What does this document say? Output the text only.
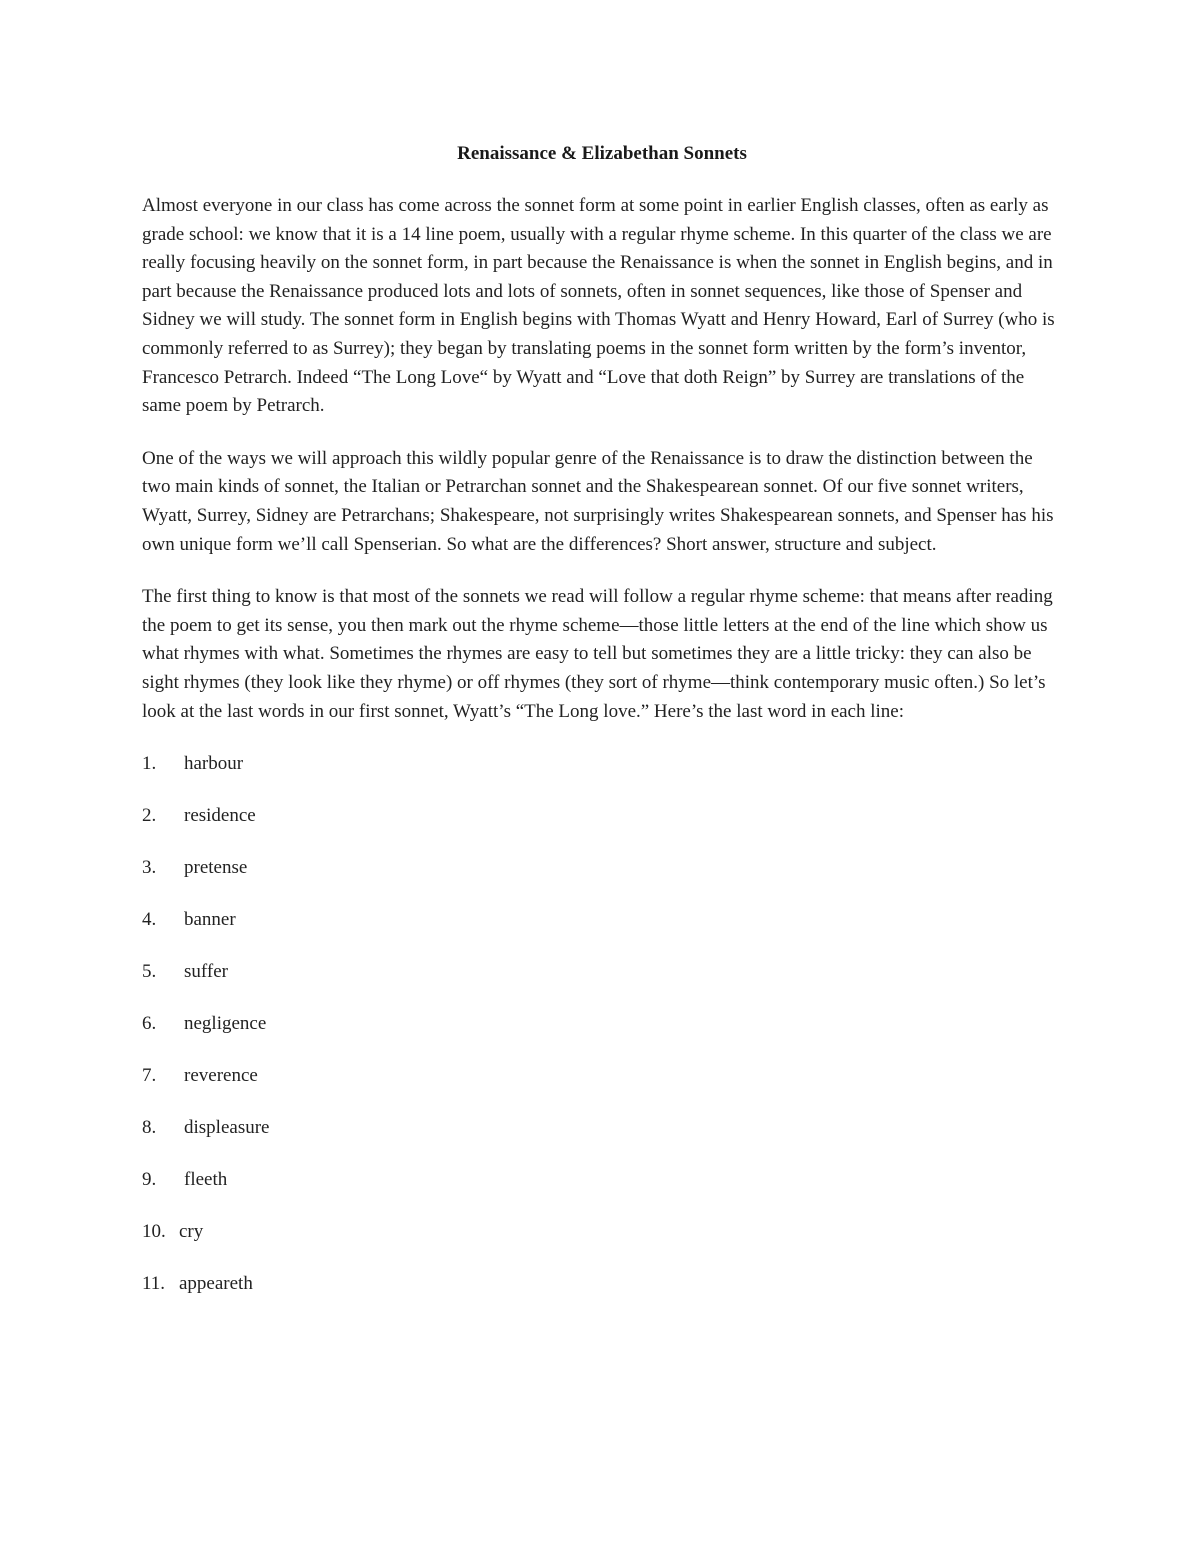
Renaissance & Elizabethan Sonnets

Almost everyone in our class has come across the sonnet form at some point in earlier English classes, often as early as grade school: we know that it is a 14 line poem, usually with a regular rhyme scheme. In this quarter of the class we are really focusing heavily on the sonnet form, in part because the Renaissance is when the sonnet in English begins, and in part because the Renaissance produced lots and lots of sonnets, often in sonnet sequences, like those of Spenser and Sidney we will study. The sonnet form in English begins with Thomas Wyatt and Henry Howard, Earl of Surrey (who is commonly referred to as Surrey); they began by translating poems in the sonnet form written by the form’s inventor, Francesco Petrarch. Indeed “The Long Love“ by Wyatt and “Love that doth Reign” by Surrey are translations of the same poem by Petrarch.

One of the ways we will approach this wildly popular genre of the Renaissance is to draw the distinction between the two main kinds of sonnet, the Italian or Petrarchan sonnet and the Shakespearean sonnet. Of our five sonnet writers, Wyatt, Surrey, Sidney are Petrarchans; Shakespeare, not surprisingly writes Shakespearean sonnets, and Spenser has his own unique form we’ll call Spenserian. So what are the differences? Short answer, structure and subject.

The first thing to know is that most of the sonnets we read will follow a regular rhyme scheme: that means after reading the poem to get its sense, you then mark out the rhyme scheme—those little letters at the end of the line which show us what rhymes with what. Sometimes the rhymes are easy to tell but sometimes they are a little tricky: they can also be sight rhymes (they look like they rhyme) or off rhymes (they sort of rhyme—think contemporary music often.) So let’s look at the last words in our first sonnet, Wyatt’s “The Long love.” Here’s the last word in each line:

1.	harbour
2.	residence
3.	pretense
4.	banner
5.	suffer
6.	negligence
7.	reverence
8.	displeasure
9.	fleeth
10. cry
11. appeareth
